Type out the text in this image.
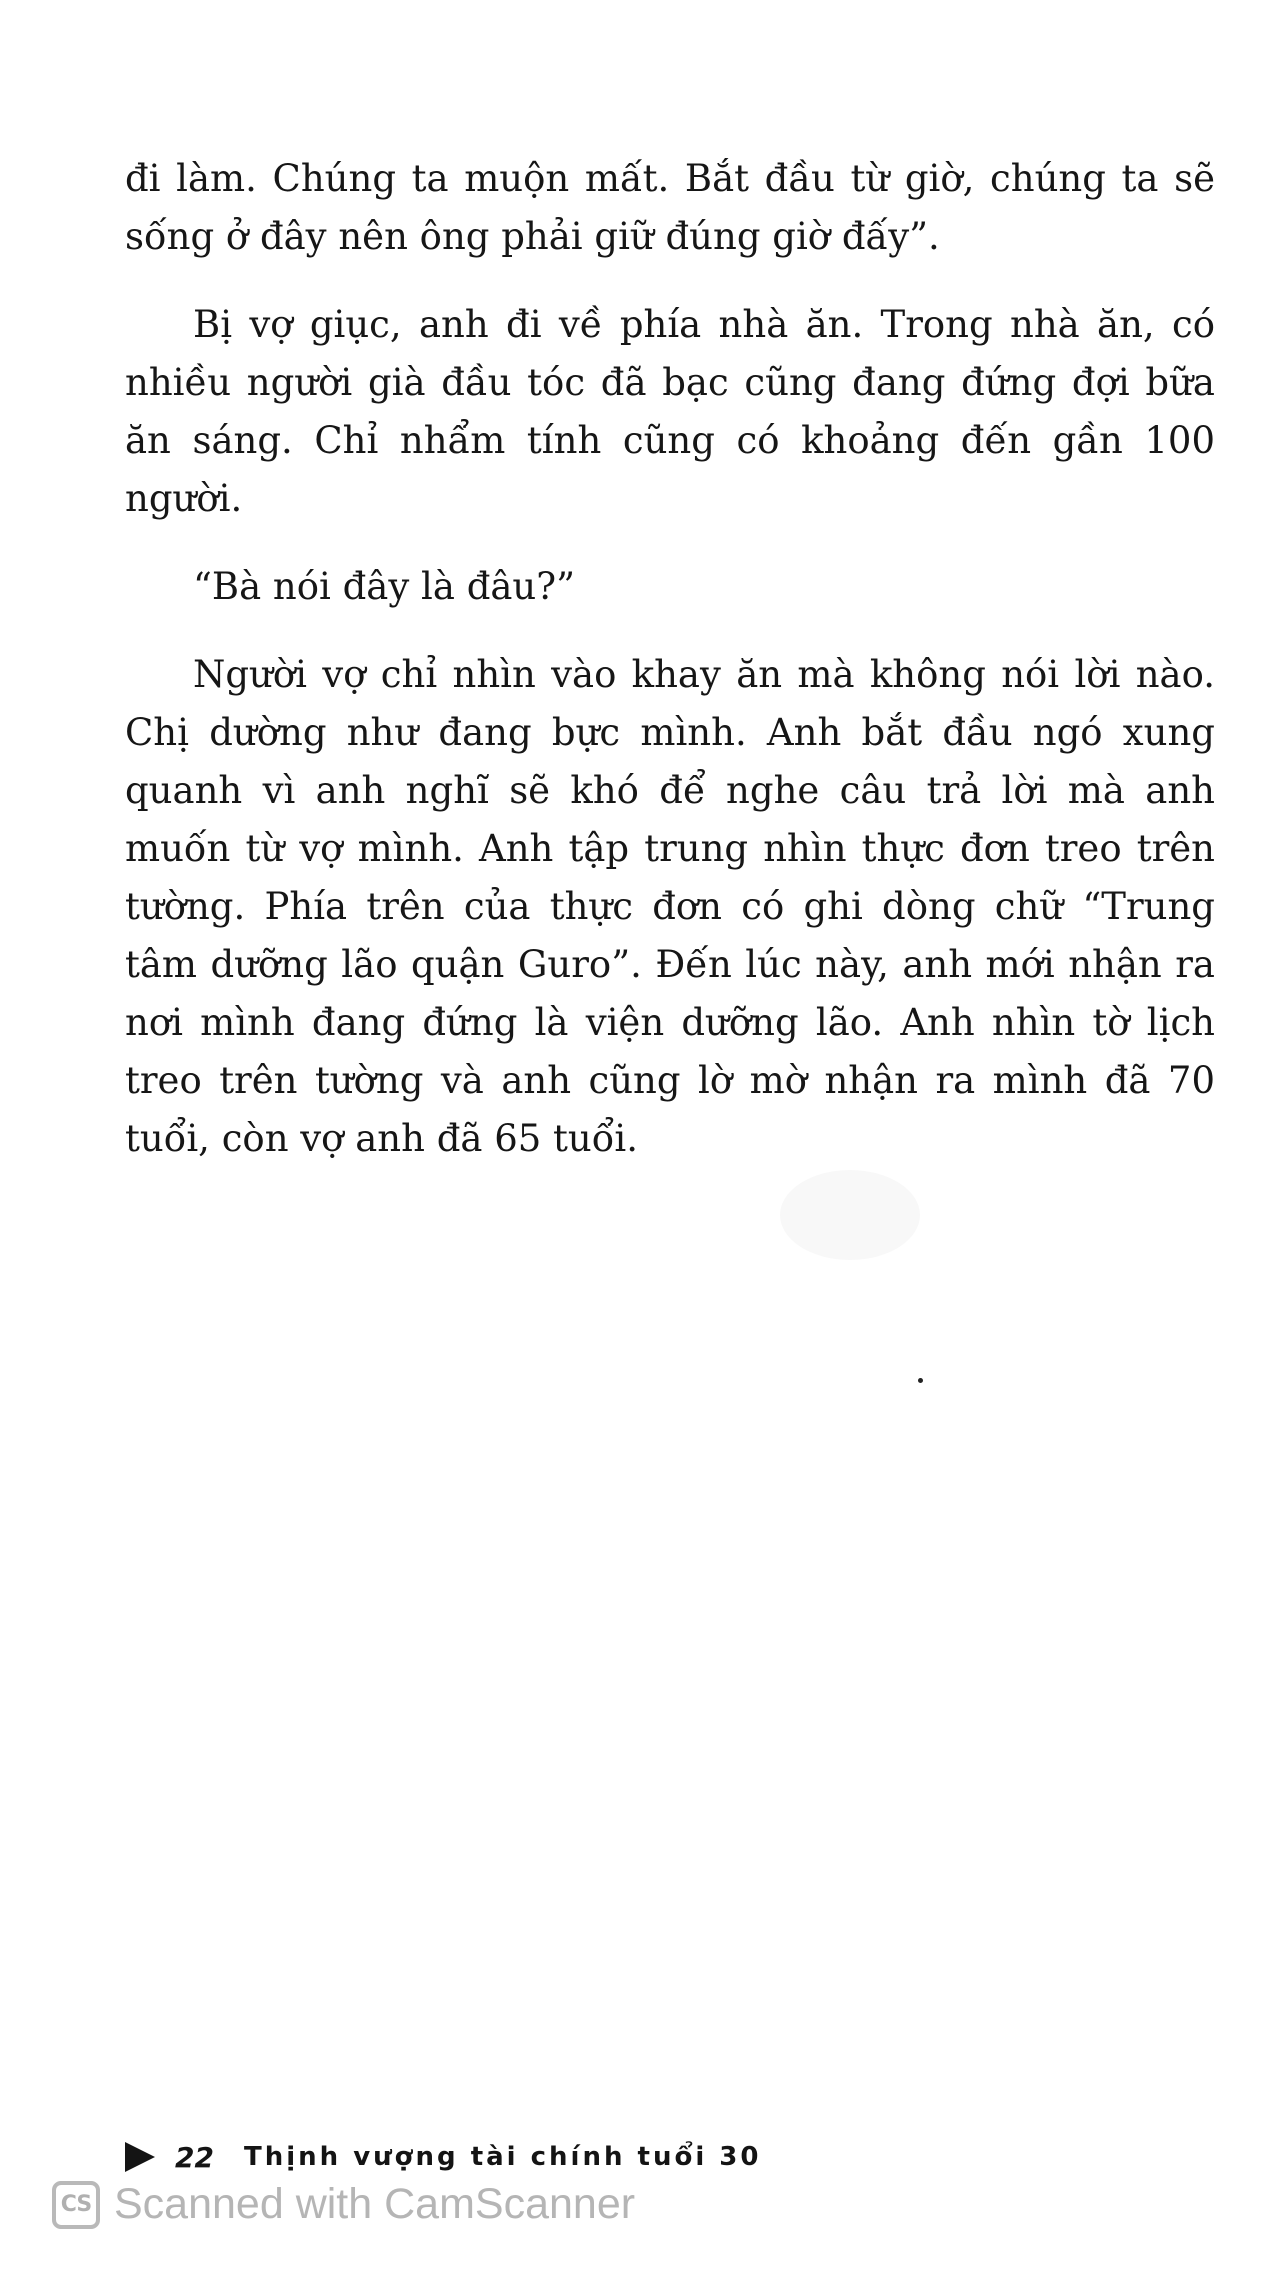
đi làm. Chúng ta muộn mất. Bắt đầu từ giờ, chúng ta sẽ sống ở đây nên ông phải giữ đúng giờ đấy”.

Bị vợ giục, anh đi về phía nhà ăn. Trong nhà ăn, có nhiều người già đầu tóc đã bạc cũng đang đứng đợi bữa ăn sáng. Chỉ nhẩm tính cũng có khoảng đến gần 100 người.

“Bà nói đây là đâu?”

Người vợ chỉ nhìn vào khay ăn mà không nói lời nào. Chị dường như đang bực mình. Anh bắt đầu ngó xung quanh vì anh nghĩ sẽ khó để nghe câu trả lời mà anh muốn từ vợ mình. Anh tập trung nhìn thực đơn treo trên tường. Phía trên của thực đơn có ghi dòng chữ “Trung tâm dưỡng lão quận Guro”. Đến lúc này, anh mới nhận ra nơi mình đang đứng là viện dưỡng lão. Anh nhìn tờ lịch treo trên tường và anh cũng lờ mờ nhận ra mình đã 70 tuổi, còn vợ anh đã 65 tuổi.

22 Thịnh vượng tài chính tuổi 30
CS Scanned with CamScanner
